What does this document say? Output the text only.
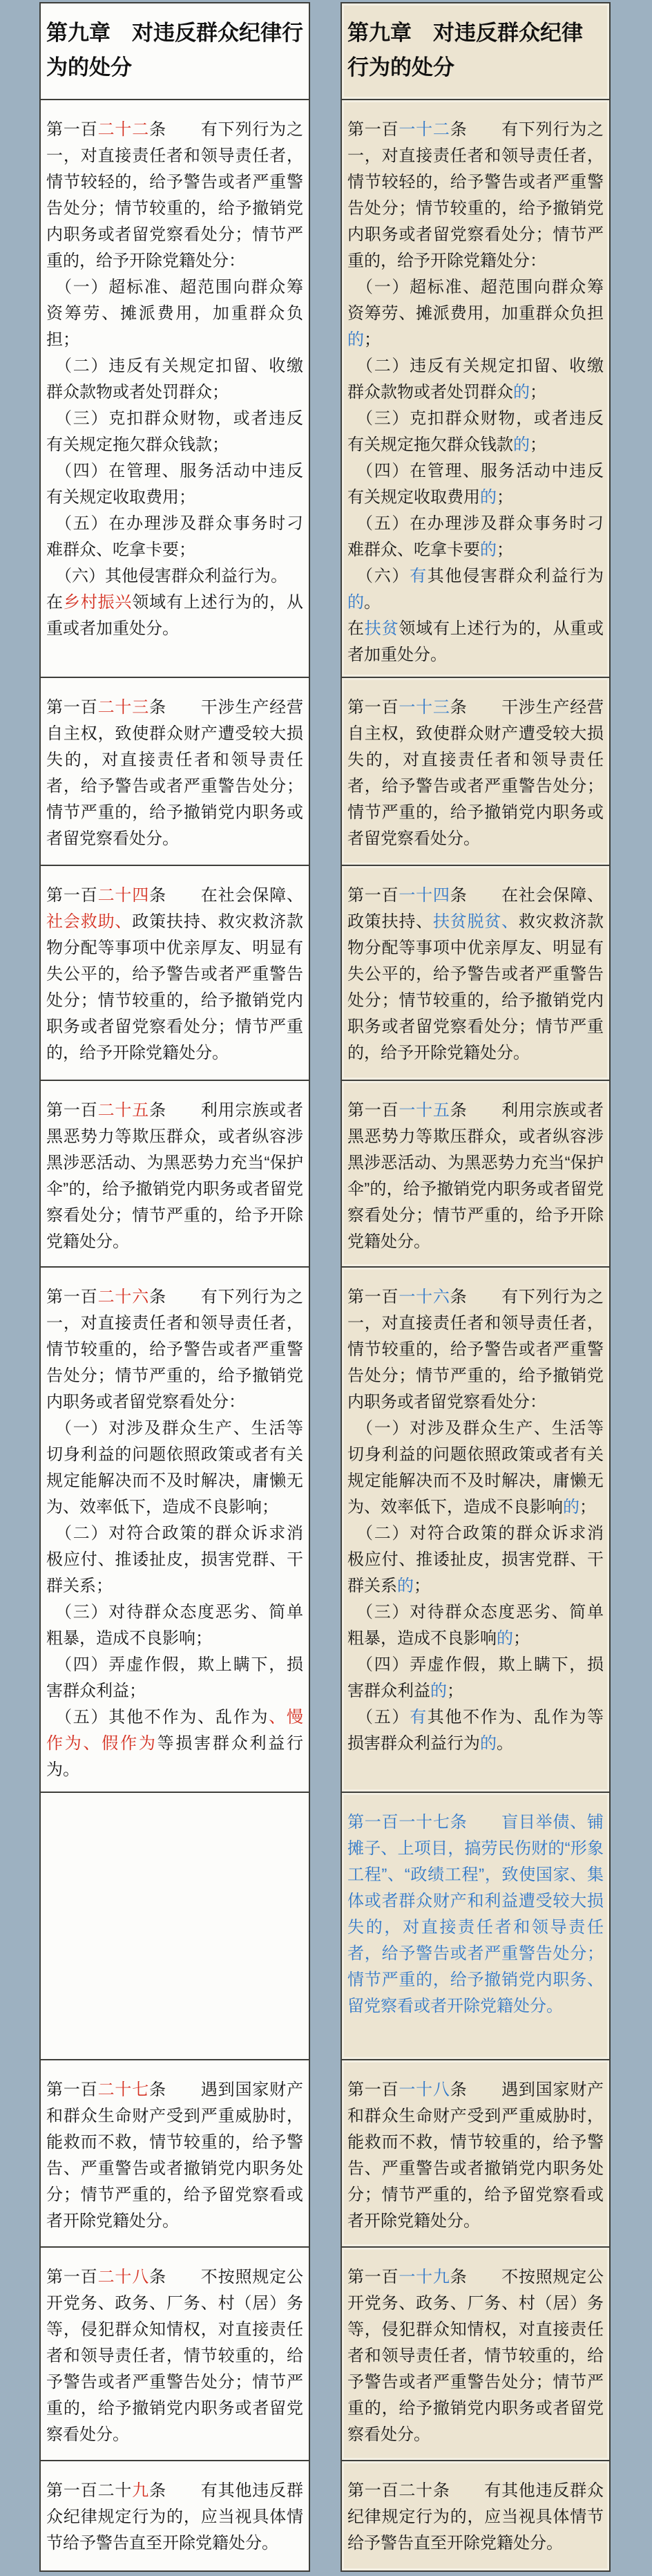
第九章　对违反群众纪律行为的处分
第九章　对违反群众纪律行为的处分

第一百二十二条　　有下列行为之一，对直接责任者和领导责任者，情节较轻的，给予警告或者严重警告处分；情节较重的，给予撤销党内职务或者留党察看处分；情节严重的，给予开除党籍处分：

（一）超标准、超范围向群众筹资筹劳、摊派费用，加重群众负担；

（二）违反有关规定扣留、收缴群众款物或者处罚群众；

（三）克扣群众财物，或者违反有关规定拖欠群众钱款；

（四）在管理、服务活动中违反有关规定收取费用；

（五）在办理涉及群众事务时刁难群众、吃拿卡要；

（六）其他侵害群众利益行为。

在乡村振兴领域有上述行为的，从重或者加重处分。

第一百一十二条　　有下列行为之一，对直接责任者和领导责任者，情节较轻的，给予警告或者严重警告处分；情节较重的，给予撤销党内职务或者留党察看处分；情节严重的，给予开除党籍处分：

（一）超标准、超范围向群众筹资筹劳、摊派费用，加重群众负担的；

（二）违反有关规定扣留、收缴群众款物或者处罚群众的；

（三）克扣群众财物，或者违反有关规定拖欠群众钱款的；

（四）在管理、服务活动中违反有关规定收取费用的；

（五）在办理涉及群众事务时刁难群众、吃拿卡要的；

（六）有其他侵害群众利益行为的。

在扶贫领域有上述行为的，从重或者加重处分。

第一百二十三条　　干涉生产经营自主权，致使群众财产遭受较大损失的，对直接责任者和领导责任者，给予警告或者严重警告处分；情节严重的，给予撤销党内职务或者留党察看处分。

第一百一十三条　　干涉生产经营自主权，致使群众财产遭受较大损失的，对直接责任者和领导责任者，给予警告或者严重警告处分；情节严重的，给予撤销党内职务或者留党察看处分。

第一百二十四条　　在社会保障、社会救助、政策扶持、救灾救济款物分配等事项中优亲厚友、明显有失公平的，给予警告或者严重警告处分；情节较重的，给予撤销党内职务或者留党察看处分；情节严重的，给予开除党籍处分。

第一百一十四条　　在社会保障、政策扶持、扶贫脱贫、救灾救济款物分配等事项中优亲厚友、明显有失公平的，给予警告或者严重警告处分；情节较重的，给予撤销党内职务或者留党察看处分；情节严重的，给予开除党籍处分。

第一百二十五条　　利用宗族或者黑恶势力等欺压群众，或者纵容涉黑涉恶活动、为黑恶势力充当“保护伞”的，给予撤销党内职务或者留党察看处分；情节严重的，给予开除党籍处分。

第一百一十五条　　利用宗族或者黑恶势力等欺压群众，或者纵容涉黑涉恶活动、为黑恶势力充当“保护伞”的，给予撤销党内职务或者留党察看处分；情节严重的，给予开除党籍处分。

第一百二十六条　　有下列行为之一，对直接责任者和领导责任者，情节较重的，给予警告或者严重警告处分；情节严重的，给予撤销党内职务或者留党察看处分：

（一）对涉及群众生产、生活等切身利益的问题依照政策或者有关规定能解决而不及时解决，庸懒无为、效率低下，造成不良影响；

（二）对符合政策的群众诉求消极应付、推诿扯皮，损害党群、干群关系；

（三）对待群众态度恶劣、简单粗暴，造成不良影响；

（四）弄虚作假，欺上瞒下，损害群众利益；

（五）其他不作为、乱作为、慢作为、假作为等损害群众利益行为。

第一百一十六条　　有下列行为之一，对直接责任者和领导责任者，情节较重的，给予警告或者严重警告处分；情节严重的，给予撤销党内职务或者留党察看处分：

（一）对涉及群众生产、生活等切身利益的问题依照政策或者有关规定能解决而不及时解决，庸懒无为、效率低下，造成不良影响的；

（二）对符合政策的群众诉求消极应付、推诿扯皮，损害党群、干群关系的；

（三）对待群众态度恶劣、简单粗暴，造成不良影响的；

（四）弄虚作假，欺上瞒下，损害群众利益的；

（五）有其他不作为、乱作为等损害群众利益行为的。

第一百一十七条　　盲目举债、铺摊子、上项目，搞劳民伤财的“形象工程”、“政绩工程”，致使国家、集体或者群众财产和利益遭受较大损失的，对直接责任者和领导责任者，给予警告或者严重警告处分；情节严重的，给予撤销党内职务、留党察看或者开除党籍处分。

第一百二十七条　　遇到国家财产和群众生命财产受到严重威胁时，能救而不救，情节较重的，给予警告、严重警告或者撤销党内职务处分；情节严重的，给予留党察看或者开除党籍处分。

第一百一十八条　　遇到国家财产和群众生命财产受到严重威胁时，能救而不救，情节较重的，给予警告、严重警告或者撤销党内职务处分；情节严重的，给予留党察看或者开除党籍处分。

第一百二十八条　　不按照规定公开党务、政务、厂务、村（居）务等，侵犯群众知情权，对直接责任者和领导责任者，情节较重的，给予警告或者严重警告处分；情节严重的，给予撤销党内职务或者留党察看处分。

第一百一十九条　　不按照规定公开党务、政务、厂务、村（居）务等，侵犯群众知情权，对直接责任者和领导责任者，情节较重的，给予警告或者严重警告处分；情节严重的，给予撤销党内职务或者留党察看处分。

第一百二十九条　　有其他违反群众纪律规定行为的，应当视具体情节给予警告直至开除党籍处分。

第一百二十条　　有其他违反群众纪律规定行为的，应当视具体情节给予警告直至开除党籍处分。
